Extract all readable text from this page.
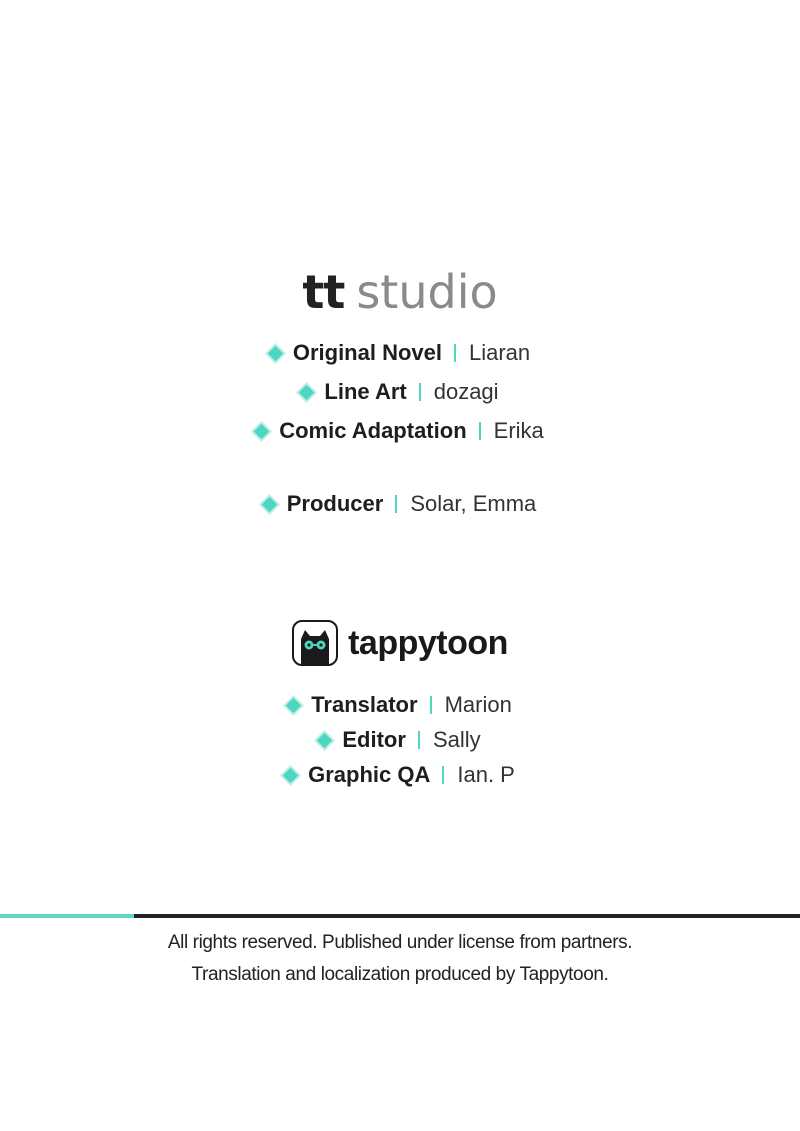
tt studio
Original Novel Liaran
Line Art dozagi
Comic Adaptation Erika
Producer Solar, Emma
tappytoon
Translator Marion
Editor Sally
Graphic QA Ian. P
All rights reserved. Published under license from partners.
Translation and localization produced by Tappytoon.
